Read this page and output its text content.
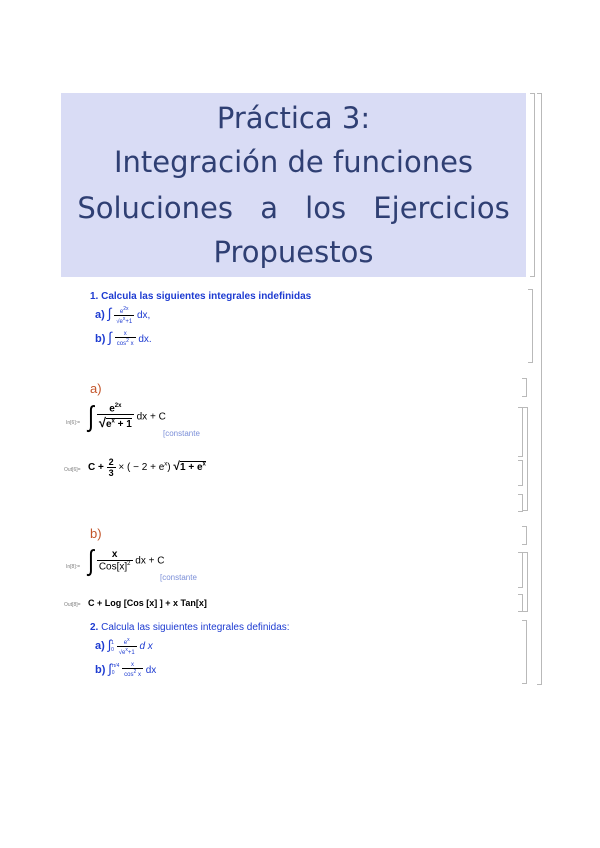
Práctica 3:
Integración de funciones
Soluciones a los Ejercicios
Propuestos
1. Calcula las siguientes integrales indefinidas
a) ∫ $\frac{e^{2x}}{√e^x+1}$ dx,
b) ∫ $\frac{x}{\cos^2 x}$ dx.
a)
In[6]:= ∫ $\frac{e^{2x}}{√e^x + 1}$ dx + C
[constante
$Out[6]= C + \frac{2}{3}$ × ( − $2 + e^x$) $√1 + e^x$
b)
In[8]:= ∫ $\frac{x}{Cos[x]^2}$ dx + C
[constante
Out[8]= C + Log [Cos [x] ] + x Tan[x]
2. Calcula las siguientes integrales definidas:
a) ∫1
$0 \frac{e^x}{√e^x+1}$ d x
b) ∫π/4
$0 \frac{x}{\cos^2 x}$ dx
